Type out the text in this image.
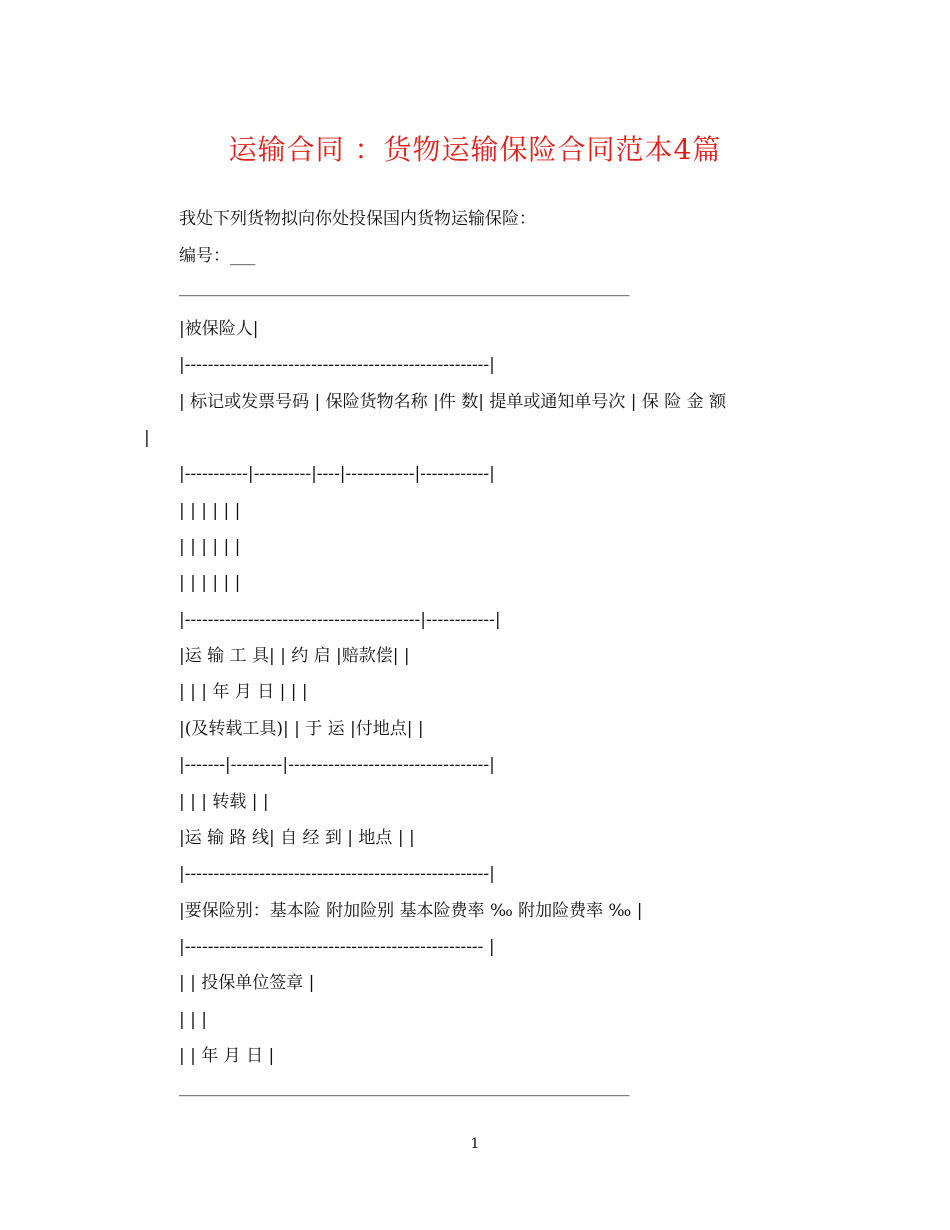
运输合同 ：货物运输保险合同范本4篇
我处下列货物拟向你处投保国内货物运输保险：
编号：___
_____________________________________________________
|被保险人|
|-----------------------------------------------------|
| 标记或发票号码 | 保险货物名称 |件 数| 提单或通知单号次 | 保 险 金 额
|
|-----------|----------|----|------------|------------|
| | | | | |
| | | | | |
| | | | | |
|-----------------------------------------|------------|
|运 输 工 具| | 约 启 |赔款偿| |
| | | 年 月 日 | | |
|(及转载工具)| | 于 运 |付地点| |
|-------|---------|-----------------------------------|
| | | 转载 | |
|运 输 路 线| 自 经 到 | 地点 | |
|-----------------------------------------------------|
|要保险别：基本险 附加险别 基本险费率 ‰ 附加险费率 ‰ |
|---------------------------------------------------- |
| | 投保单位签章 |
| | |
| | 年 月 日 |
_____________________________________________________
1
